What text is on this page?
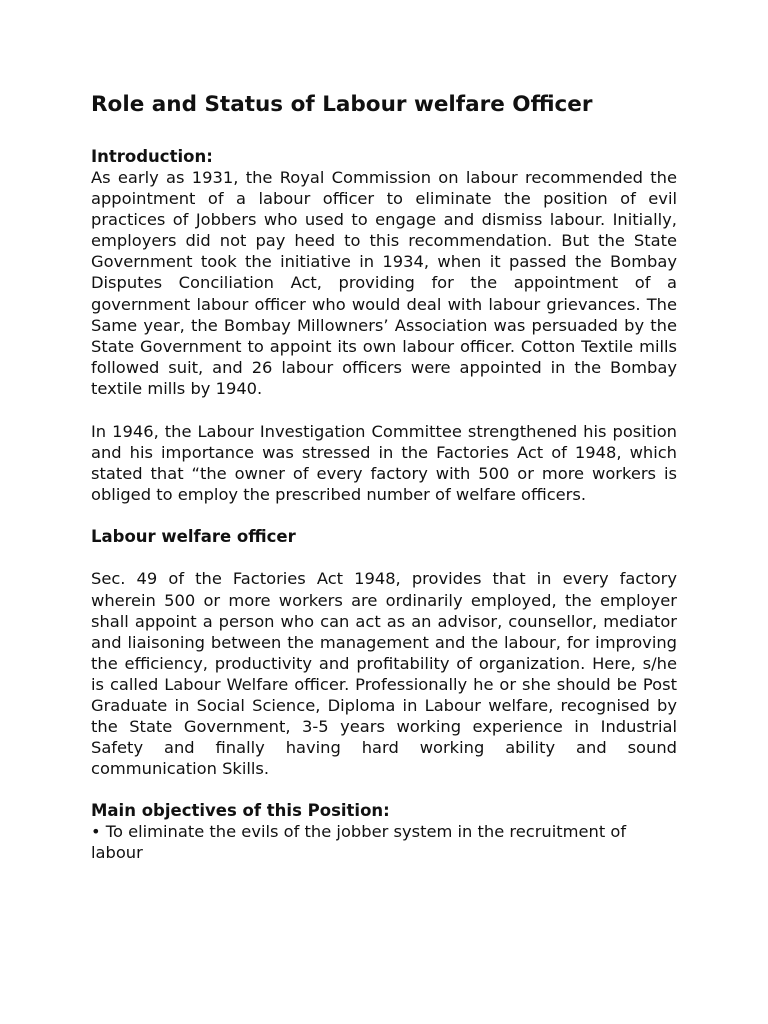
Role and Status of Labour welfare Officer

Introduction:

As early as 1931, the Royal Commission on labour recommended the appointment of a labour officer to eliminate the position of evil practices of Jobbers who used to engage and dismiss labour. Initially, employers did not pay heed to this recommendation. But the State Government took the initiative in 1934, when it passed the Bombay Disputes Conciliation Act, providing for the appointment of a government labour officer who would deal with labour grievances. The Same year, the Bombay Millowners’ Association was persuaded by the State Government to appoint its own labour officer. Cotton Textile mills followed suit, and 26 labour officers were appointed in the Bombay textile mills by 1940.

In 1946, the Labour Investigation Committee strengthened his position and his importance was stressed in the Factories Act of 1948, which stated that “the owner of every factory with 500 or more workers is obliged to employ the prescribed number of welfare officers.

Labour welfare officer

Sec. 49 of the Factories Act 1948, provides that in every factory wherein 500 or more workers are ordinarily employed, the employer shall appoint a person who can act as an advisor, counsellor, mediator and liaisoning between the management and the labour, for improving the efficiency, productivity and profitability of organization. Here, s/he is called Labour Welfare officer. Professionally he or she should be Post Graduate in Social Science, Diploma in Labour welfare, recognised by the State Government, 3-5 years working experience in Industrial Safety and finally having hard working ability and sound communication Skills.

Main objectives of this Position:

• To eliminate the evils of the jobber system in the recruitment of labour
